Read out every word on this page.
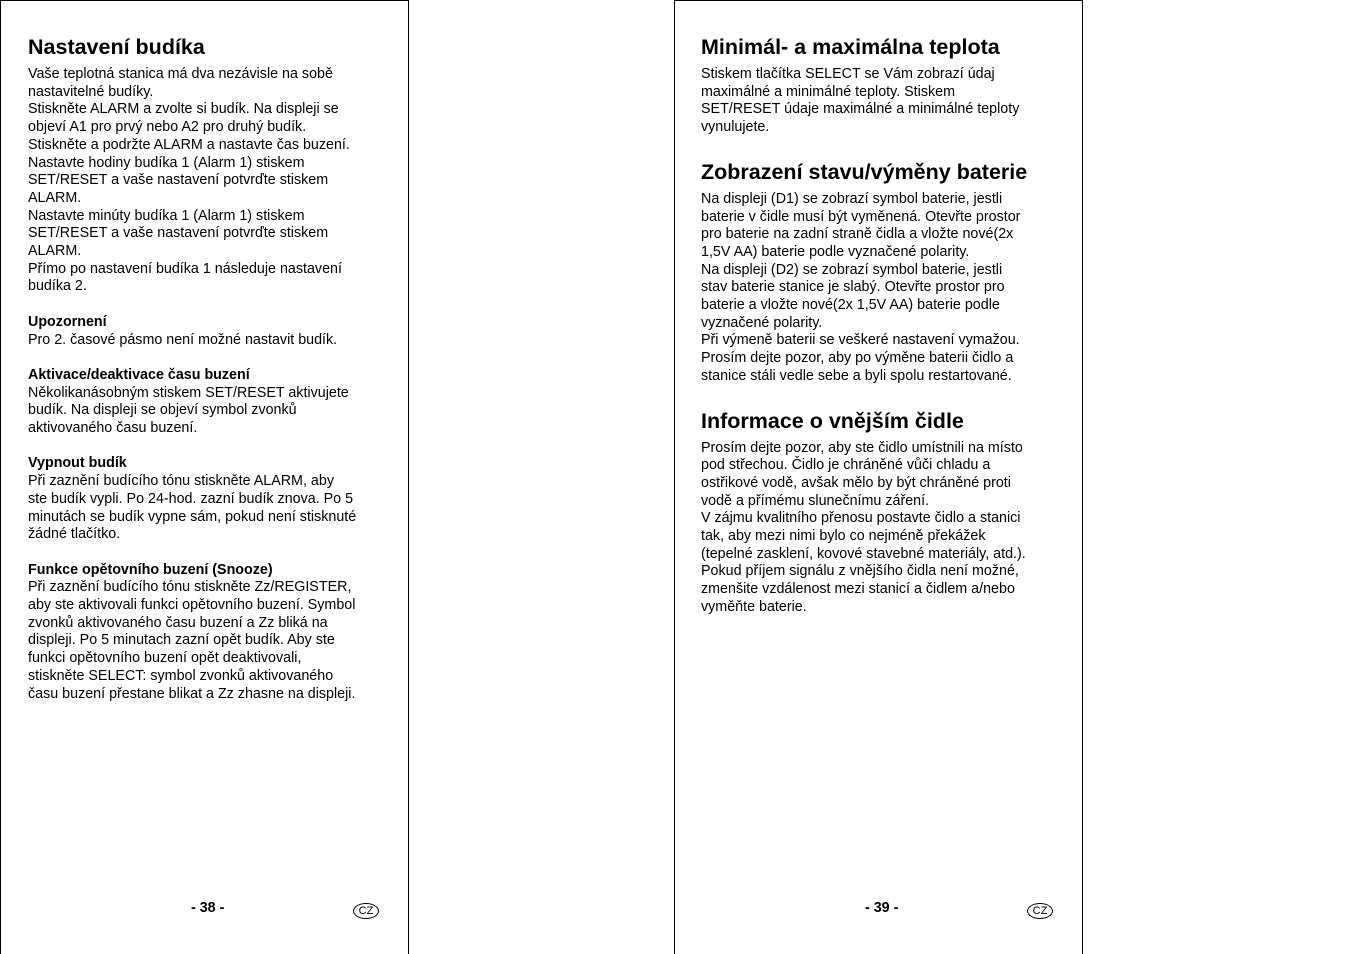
Nastavení budíka
Vaše teplotná stanica má dva nezávisle na sobě
nastavitelné budíky.
Stiskněte ALARM a zvolte si budík. Na displeji se
objeví A1 pro prvý nebo A2 pro druhý budík.
Stiskněte a podržte ALARM a nastavte čas buzení.
Nastavte hodiny budíka 1 (Alarm 1) stiskem
SET/RESET a vaše nastavení potvrďte stiskem
ALARM.
Nastavte minúty budíka 1 (Alarm 1) stiskem
SET/RESET a vaše nastavení potvrďte stiskem
ALARM.
Přímo po nastavení budíka 1 následuje nastavení
budíka 2.
Upozornení
Pro 2. časové pásmo není možné nastavit budík.
Aktivace/deaktivace času buzení
Několikanásobným stiskem SET/RESET aktivujete
budík. Na displeji se objeví symbol zvonků
aktivovaného času buzení.
Vypnout budík
Při zaznění budícího tónu stiskněte ALARM, aby
ste budík vypli. Po 24-hod. zazní budík znova. Po 5
minutách se budík vypne sám, pokud není stisknuté
žádné tlačítko.
Funkce opětovního buzení (Snooze)
Při zaznění budícího tónu stiskněte Zz/REGISTER,
aby ste aktivovali funkci opětovního buzení. Symbol
zvonků aktivovaného času buzení a Zz bliká na
displeji. Po 5 minutach zazní opět budík. Aby ste
funkci opětovního buzení opět deaktivovali,
stiskněte SELECT: symbol zvonků aktivovaného
času buzení přestane blikat a Zz zhasne na displeji.
- 38 -	CZ
Minimál- a maximálna teplota
Stiskem tlačítka SELECT se Vám zobrazí údaj
maximálné a minimálné teploty. Stiskem
SET/RESET údaje maximálné a minimálné teploty
vynulujete.
Zobrazení stavu/výměny baterie
Na displeji (D1) se zobrazí symbol baterie, jestli
baterie v čidle musí být vyměnená. Otevřte prostor
pro baterie na zadní straně čidla a vložte nové(2x
1,5V AA) baterie podle vyznačené polarity.
Na displeji (D2) se zobrazí symbol baterie, jestli
stav baterie stanice je slabý. Otevřte prostor pro
baterie a vložte nové(2x 1,5V AA) baterie podle
vyznačené polarity.
Při výmeně baterii se veškeré nastavení vymažou.
Prosím dejte pozor, aby po výměne baterii čidlo a
stanice stáli vedle sebe a byli spolu restartované.
Informace o vnějším čidle
Prosím dejte pozor, aby ste čidlo umístnili na místo
pod střechou. Čidlo je chráněné vůči chladu a
ostřikové vodě, avšak mělo by být chráněné proti
vodě a přímému slunečnímu záření.
V zájmu kvalitního přenosu postavte čidlo a stanici
tak, aby mezi nimi bylo co nejméně překážek
(tepelné zasklení, kovové stavebné materiály, atd.).
Pokud příjem signálu z vnějšího čidla není možné,
zmenšite vzdálenost mezi stanicí a čidlem a/nebo
vyměňte baterie.
- 39 -	CZ
